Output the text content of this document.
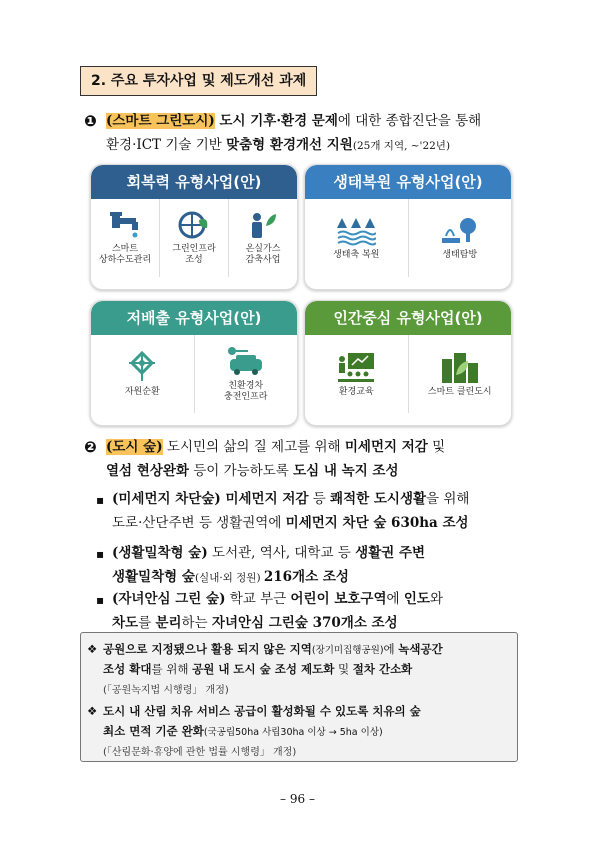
2. 주요 투자사업 및 제도개선 과제
❶ (스마트 그린도시) 도시 기후·환경 문제에 대한 종합진단을 통해
환경·ICT 기술 기반 맞춤형 환경개선 지원(25개 지역, ~'22년)
회복력 유형사업(안)
스마트
상하수도관리
그린인프라
조성
온실가스
감축사업
생태복원 유형사업(안)
생태축 복원	생태탐방
저배출 유형사업(안)
자원순환
친환경차
충전인프라
인간중심 유형사업(안)
환경교육	스마트 클린도시
❷ (도시 숲) 도시민의 삶의 질 제고를 위해 미세먼지 저감 및
열섬 현상완화 등이 가능하도록 도심 내 녹지 조성
▪ (미세먼지 차단숲) 미세먼지 저감 등 쾌적한 도시생활을 위해
도로·산단주변 등 생활권역에 미세먼지 차단 숲 630ha 조성
▪ (생활밀착형 숲) 도서관, 역사, 대학교 등 생활권 주변
생활밀착형 숲(실내·외 정원) 216개소 조성
▪ (자녀안심 그린 숲) 학교 부근 어린이 보호구역에 인도와
차도를 분리하는 자녀안심 그린숲 370개소 조성
❖ 공원으로 지정됐으나 활용 되지 않은 지역(장기미집행공원)에 녹색공간
조성 확대를 위해 공원 내 도시 숲 조성 제도화 및 절차 간소화
(「공원녹지법 시행령」 개정)
❖ 도시 내 산림 치유 서비스 공급이 활성화될 수 있도록 치유의 숲
최소 면적 기준 완화(국공립50ha 사립30ha 이상 → 5ha 이상)
(「산림문화·휴양에 관한 법률 시행령」 개정)
– 96 –
